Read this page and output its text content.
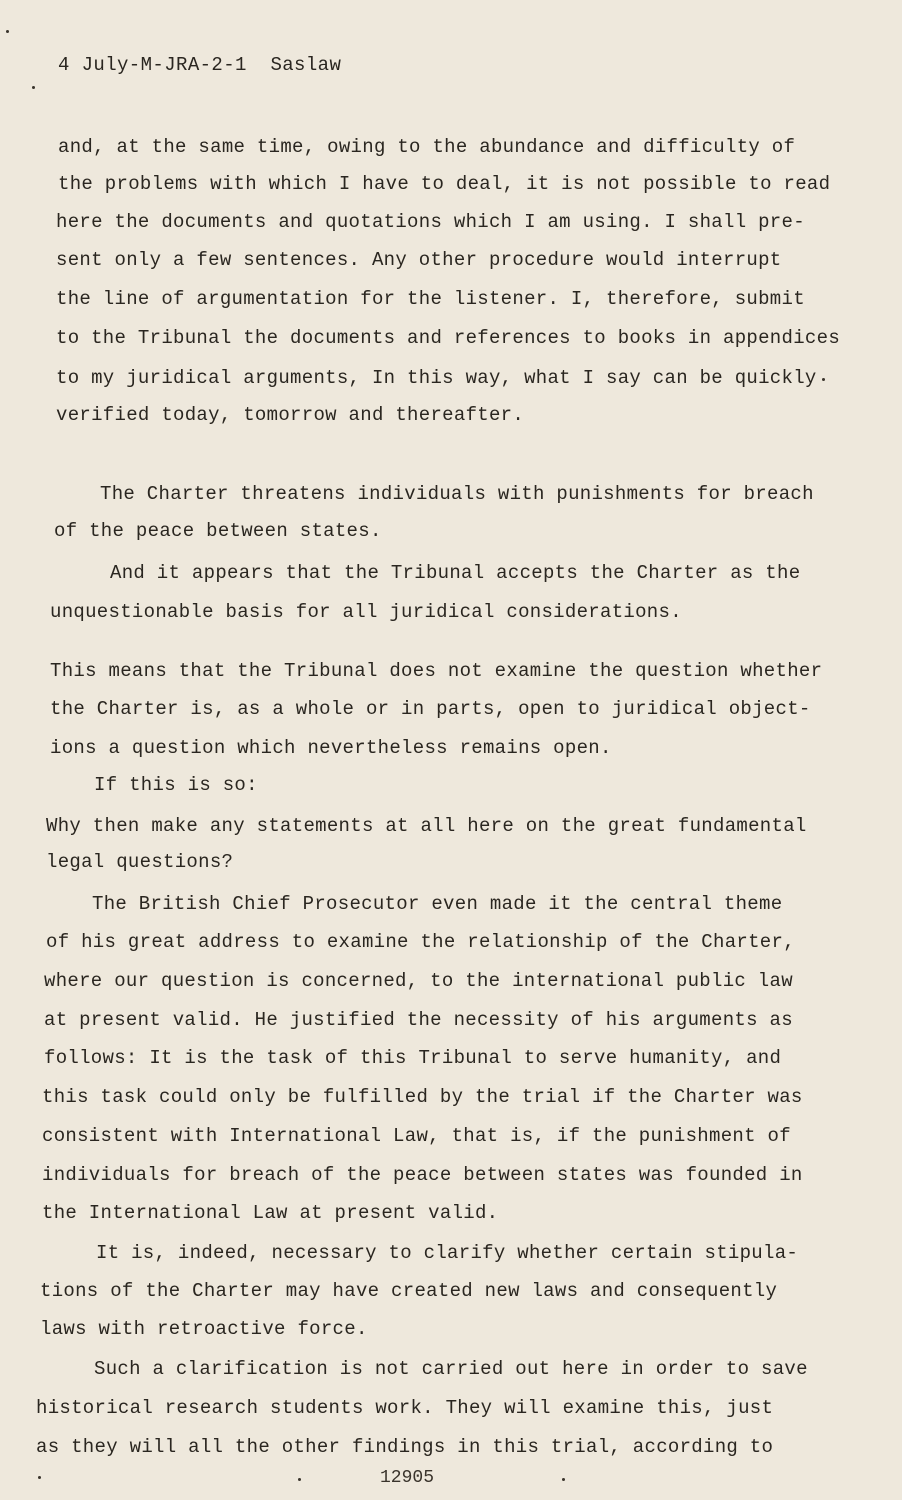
4 July-M-JRA-2-1 Saslaw
and, at the same time, owing to the abundance and difficulty of
the problems with which I have to deal, it is not possible to read
here the documents and quotations which I am using. I shall pre-
sent only a few sentences. Any other procedure would interrupt
the line of argumentation for the listener. I, therefore, submit
to the Tribunal the documents and references to books in appendices
to my juridical arguments, In this way, what I say can be quickly
verified today, tomorrow and thereafter.
The Charter threatens individuals with punishments for breach
of the peace between states.
And it appears that the Tribunal accepts the Charter as the
unquestionable basis for all juridical considerations.
This means that the Tribunal does not examine the question whether
the Charter is, as a whole or in parts, open to juridical object-
ions a question which nevertheless remains open.
If this is so:
Why then make any statements at all here on the great fundamental
legal questions?
The British Chief Prosecutor even made it the central theme
of his great address to examine the relationship of the Charter,
where our question is concerned, to the international public law
at present valid. He justified the necessity of his arguments as
follows: It is the task of this Tribunal to serve humanity, and
this task could only be fulfilled by the trial if the Charter was
consistent with International Law, that is, if the punishment of
individuals for breach of the peace between states was founded in
the International Law at present valid.
It is, indeed, necessary to clarify whether certain stipula-
tions of the Charter may have created new laws and consequently
laws with retroactive force.
Such a clarification is not carried out here in order to save
historical research students work. They will examine this, just
as they will all the other findings in this trial, according to
12905
